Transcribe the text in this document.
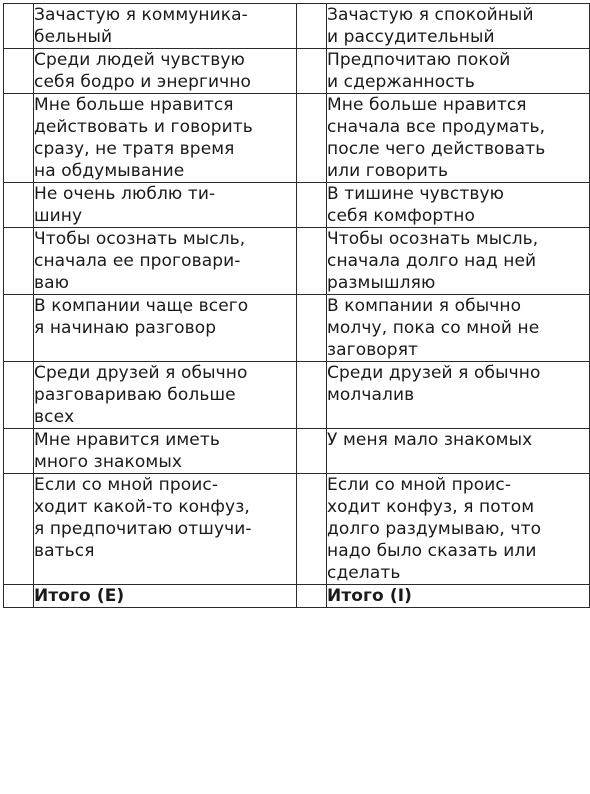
	Зачастую я коммуника-
бельный		Зачастую я спокойный
и рассудительный

	Среди людей чувствую
себя бодро и энергично		Предпочитаю покой
и сдержанность

	Мне больше нравится
действовать и говорить
сразу, не тратя время
на обдумывание		Мне больше нравится
сначала все продумать,
после чего действовать
или говорить

	Не очень люблю ти-
шину		В тишине чувствую
себя комфортно

	Чтобы осознать мысль,
сначала ее проговари-
ваю		Чтобы осознать мысль,
сначала долго над ней
размышляю

	В компании чаще всего
я начинаю разговор		В компании я обычно
молчу, пока со мной не
заговорят

	Среди друзей я обычно
разговариваю больше
всех		Среди друзей я обычно
молчалив

	Мне нравится иметь
много знакомых		У меня мало знакомых

	Если со мной проис-
ходит какой-то конфуз,
я предпочитаю отшучи-
ваться		Если со мной проис-
ходит конфуз, я потом
долго раздумываю, что
надо было сказать или
сделать

	Итого (E)		Итого (I)
